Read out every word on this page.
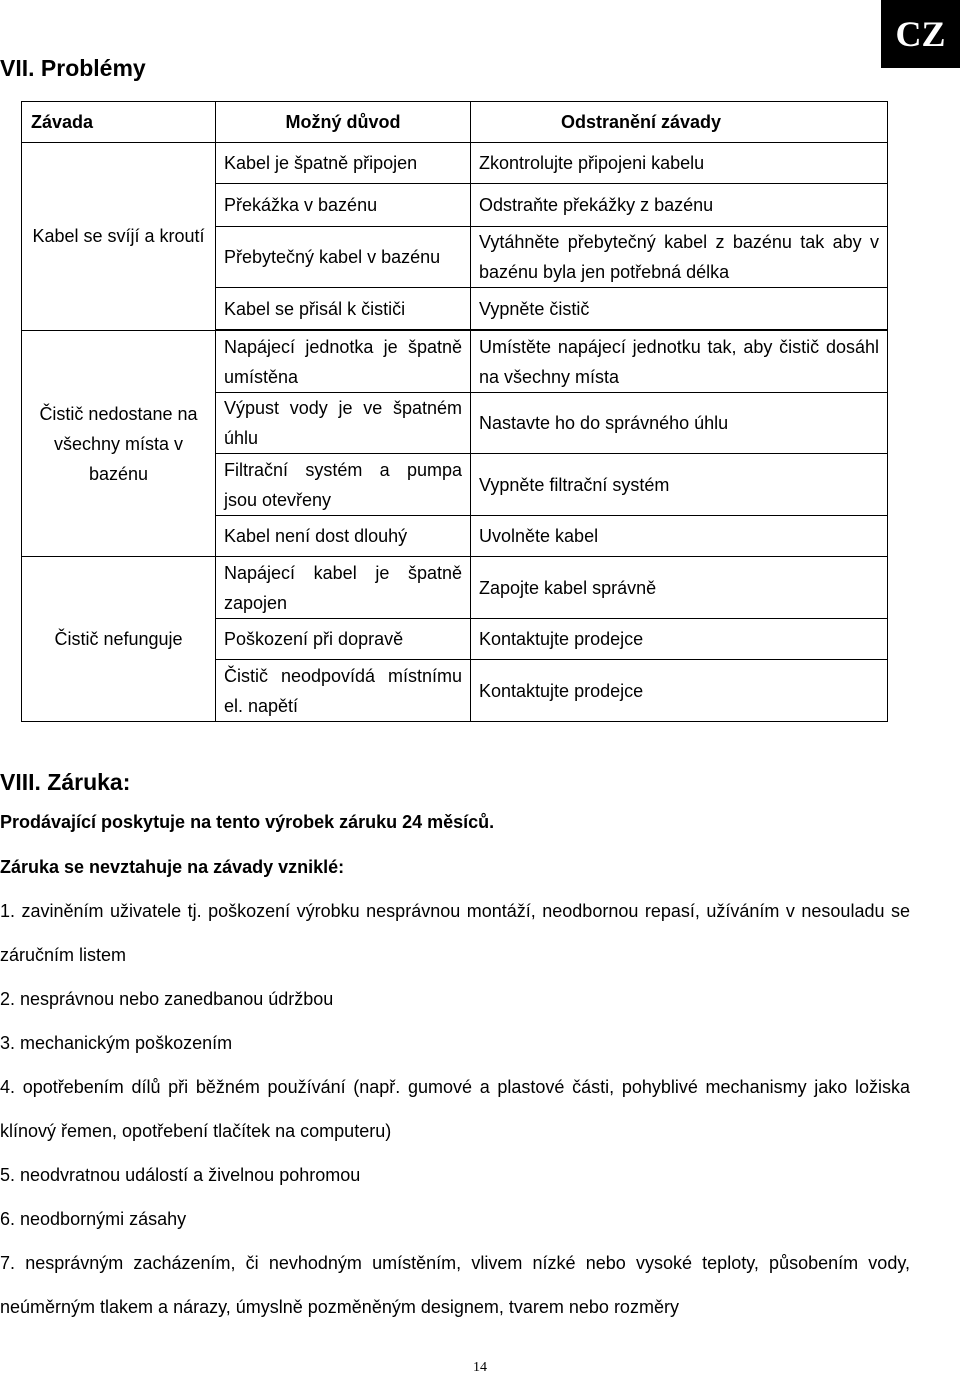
CZ
VII. Problémy
Závada	Možný důvod	Odstranění závady
Kabel se svíjí a kroutí	Kabel je špatně připojen	Zkontrolujte připojeni kabelu
	Překážka v bazénu	Odstraňte překážky z bazénu
	Přebytečný kabel v bazénu	Vytáhněte přebytečný kabel z bazénu tak aby v bazénu byla jen potřebná délka
	Kabel se přisál k čističi	Vypněte čistič

Čistič nedostane na všechny místa v bazénu	Napájecí jednotka je špatně umístěna	Umístěte napájecí jednotku tak, aby čistič dosáhl na všechny místa
	Výpust vody je ve špatném úhlu	Nastavte ho do správného úhlu
	Filtrační systém a pumpa jsou otevřeny	Vypněte filtrační systém
	Kabel není dost dlouhý	Uvolněte kabel
Čistič nefunguje	Napájecí kabel je špatně zapojen	Zapojte kabel správně
	Poškození při dopravě	Kontaktujte prodejce
	Čistič neodpovídá místnímu el. napětí	Kontaktujte prodejce
VIII. Záruka:
Prodávající poskytuje na tento výrobek záruku 24 měsíců.
Záruka se nevztahuje na závady vzniklé:
1. zaviněním uživatele tj. poškození výrobku nesprávnou montáží, neodbornou repasí, užíváním v nesouladu se záručním listem
2. nesprávnou nebo zanedbanou údržbou
3. mechanickým poškozením
4. opotřebením dílů při běžném používání (např. gumové a plastové části, pohyblivé mechanismy jako ložiska klínový řemen, opotřebení tlačítek na computeru)
5. neodvratnou událostí a živelnou pohromou
6. neodbornými zásahy
7. nesprávným zacházením, či nevhodným umístěním, vlivem nízké nebo vysoké teploty, působením vody, neúměrným tlakem a nárazy, úmyslně pozměněným designem, tvarem nebo rozměry
14
